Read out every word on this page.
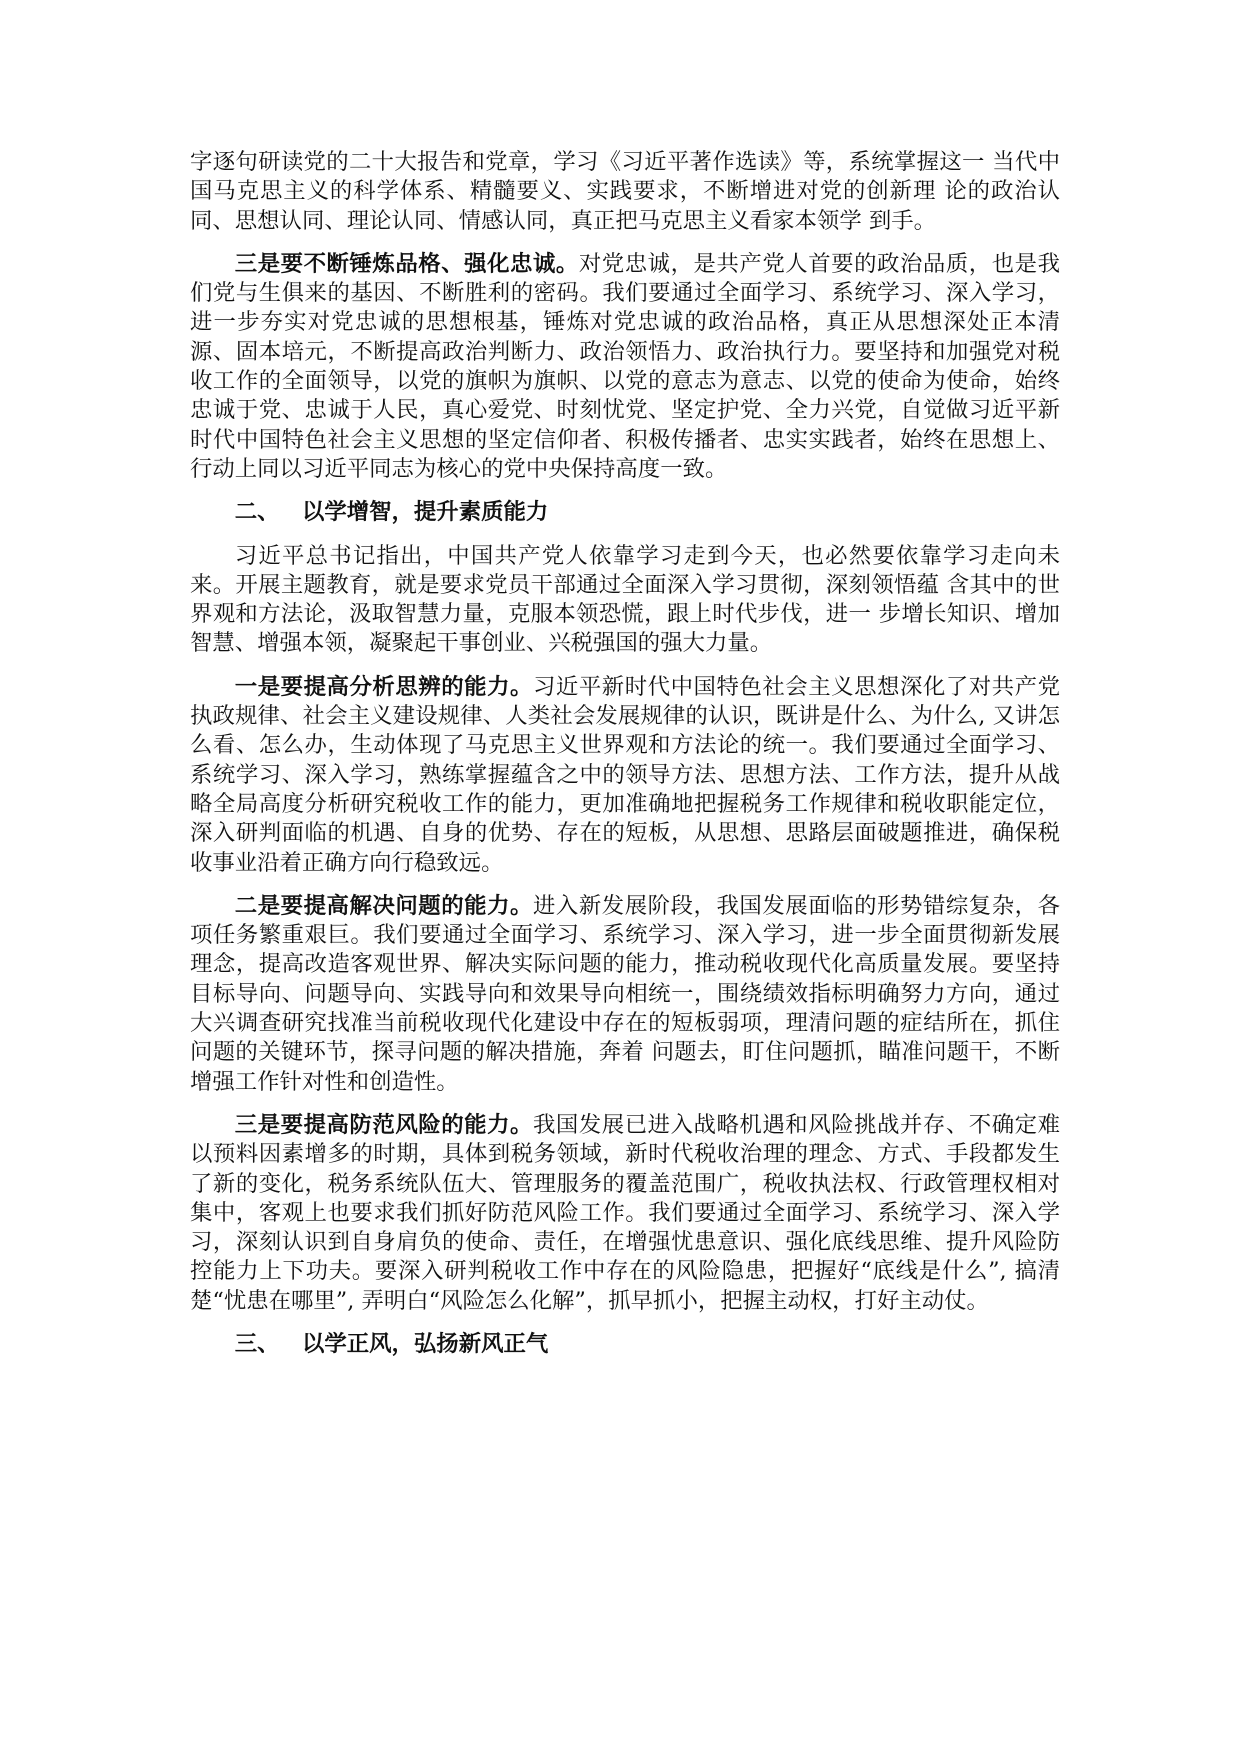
字逐句研读党的二十大报告和党章，学习《习近平著作选读》等，系统掌握这一 当代中国马克思主义的科学体系、精髓要义、实践要求，不断增进对党的创新理 论的政治认同、思想认同、理论认同、情感认同，真正把马克思主义看家本领学 到手。

三是要不断锤炼品格、强化忠诚。对党忠诚，是共产党人首要的政治品质，也是我们党与生俱来的基因、不断胜利的密码。我们要通过全面学习、系统学习、深入学习，进一步夯实对党忠诚的思想根基，锤炼对党忠诚的政治品格，真正从思想深处正本清源、固本培元，不断提高政治判断力、政治领悟力、政治执行力。要坚持和加强党对税收工作的全面领导，以党的旗帜为旗帜、以党的意志为意志、以党的使命为使命，始终忠诚于党、忠诚于人民，真心爱党、时刻忧党、坚定护党、全力兴党，自觉做习近平新时代中国特色社会主义思想的坚定信仰者、积极传播者、忠实实践者，始终在思想上、行动上同以习近平同志为核心的党中央保持高度一致。

二、 以学增智，提升素质能力

习近平总书记指出，中国共产党人依靠学习走到今天，也必然要依靠学习走向未来。开展主题教育，就是要求党员干部通过全面深入学习贯彻，深刻领悟蕴 含其中的世界观和方法论，汲取智慧力量，克服本领恐慌，跟上时代步伐，进一 步增长知识、增加智慧、增强本领，凝聚起干事创业、兴税强国的强大力量。

一是要提高分析思辨的能力。习近平新时代中国特色社会主义思想深化了对共产党执政规律、社会主义建设规律、人类社会发展规律的认识，既讲是什么、为什么, 又讲怎么看、怎么办，生动体现了马克思主义世界观和方法论的统一。我们要通过全面学习、系统学习、深入学习，熟练掌握蕴含之中的领导方法、思想方法、工作方法，提升从战略全局高度分析研究税收工作的能力，更加准确地把握税务工作规律和税收职能定位，深入研判面临的机遇、自身的优势、存在的短板，从思想、思路层面破题推进，确保税收事业沿着正确方向行稳致远。

二是要提高解决问题的能力。进入新发展阶段，我国发展面临的形势错综复杂，各项任务繁重艰巨。我们要通过全面学习、系统学习、深入学习，进一步全面贯彻新发展理念，提高改造客观世界、解决实际问题的能力，推动税收现代化高质量发展。要坚持目标导向、问题导向、实践导向和效果导向相统一，围绕绩效指标明确努力方向，通过大兴调查研究找准当前税收现代化建设中存在的短板弱项，理清问题的症结所在，抓住问题的关键环节，探寻问题的解决措施，奔着 问题去，盯住问题抓，瞄准问题干，不断增强工作针对性和创造性。

三是要提高防范风险的能力。我国发展已进入战略机遇和风险挑战并存、不确定难以预料因素增多的时期，具体到税务领域，新时代税收治理的理念、方式、手段都发生了新的变化，税务系统队伍大、管理服务的覆盖范围广，税收执法权、行政管理权相对集中，客观上也要求我们抓好防范风险工作。我们要通过全面学习、系统学习、深入学习，深刻认识到自身肩负的使命、责任，在增强忧患意识、强化底线思维、提升风险防控能力上下功夫。要深入研判税收工作中存在的风险隐患，把握好“底线是什么”, 搞清楚“忧患在哪里”, 弄明白“风险怎么化解”，抓早抓小，把握主动权，打好主动仗。

三、 以学正风，弘扬新风正气
